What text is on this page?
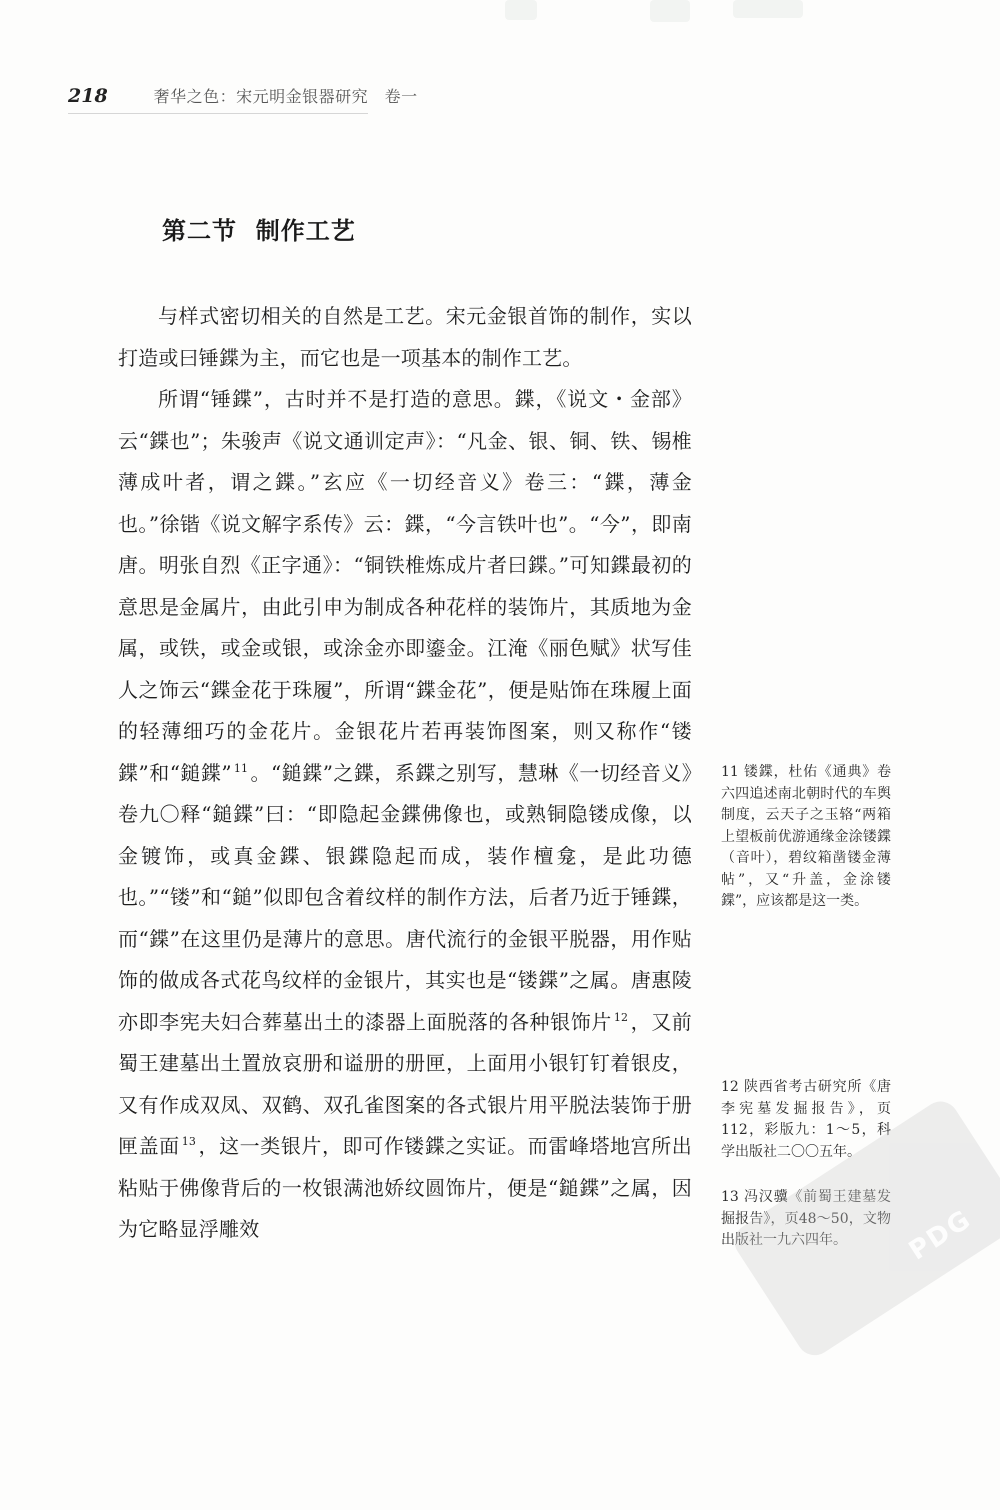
218	奢华之色：宋元明金银器研究　卷一
第二节  制作工艺

与样式密切相关的自然是工艺。宋元金银首饰的制作，实以打造或曰锤鍱为主，而它也是一项基本的制作工艺。

所谓“锤鍱”，古时并不是打造的意思。鍱，《说文・金部》云“鍱也”；朱骏声《说文通训定声》：“凡金、银、铜、铁、锡椎薄成叶者，谓之鍱。”玄应《一切经音义》卷三：“鍱，薄金也。”徐锴《说文解字系传》云：鍱，“今言铁叶也”。“今”，即南唐。明张自烈《正字通》：“铜铁椎炼成片者曰鍱。”可知鍱最初的意思是金属片，由此引申为制成各种花样的装饰片，其质地为金属，或铁，或金或银，或涂金亦即鎏金。江淹《丽色赋》状写佳人之饰云“鍱金花于珠履”，所谓“鍱金花”，便是贴饰在珠履上面的轻薄细巧的金花片。金银花片若再装饰图案，则又称作“镂鍱”和“鎚鍱” $^{11}$ 。“鎚鍱”之鍱，系鍱之别写，慧琳《一切经音义》卷九〇释“鎚鍱”曰：“即隐起金鍱佛像也，或熟铜隐镂成像，以金镀饰，或真金鍱、银鍱隐起而成，装作檀龛，是此功德也。”“镂”和“鎚”似即包含着纹样的制作方法，后者乃近于锤鍱，而“鍱”在这里仍是薄片的意思。唐代流行的金银平脱器，用作贴饰的做成各式花鸟纹样的金银片，其实也是“镂鍱”之属。唐惠陵亦即李宪夫妇合葬墓出土的漆器上面脱落的各种银饰片 $^{12}$ ，又前蜀王建墓出土置放哀册和谥册的册匣，上面用小银钉钉着银皮，又有作成双凤、双鹤、双孔雀图案的各式银片用平脱法装饰于册匣盖面 $^{13}$ ，这一类银片，即可作镂鍱之实证。而雷峰塔地宫所出粘贴于佛像背后的一枚银满池娇纹圆饰片，便是“鎚鍱”之属，因为它略显浮雕效

11 镂鍱，杜佑《通典》卷六四追述南北朝时代的车舆制度，云天子之玉辂“两箱上望板前优游通缘金涂镂鍱（音叶），碧纹箱凿镂金薄帖”，又“升盖，金涂镂鍱”，应该都是这一类。
12 陕西省考古研究所《唐李宪墓发掘报告》，页112，彩版九：1～5，科学出版社二〇〇五年。
13 冯汉骥《前蜀王建墓发掘报告》，页48～50，文物出版社一九六四年。	PDG
